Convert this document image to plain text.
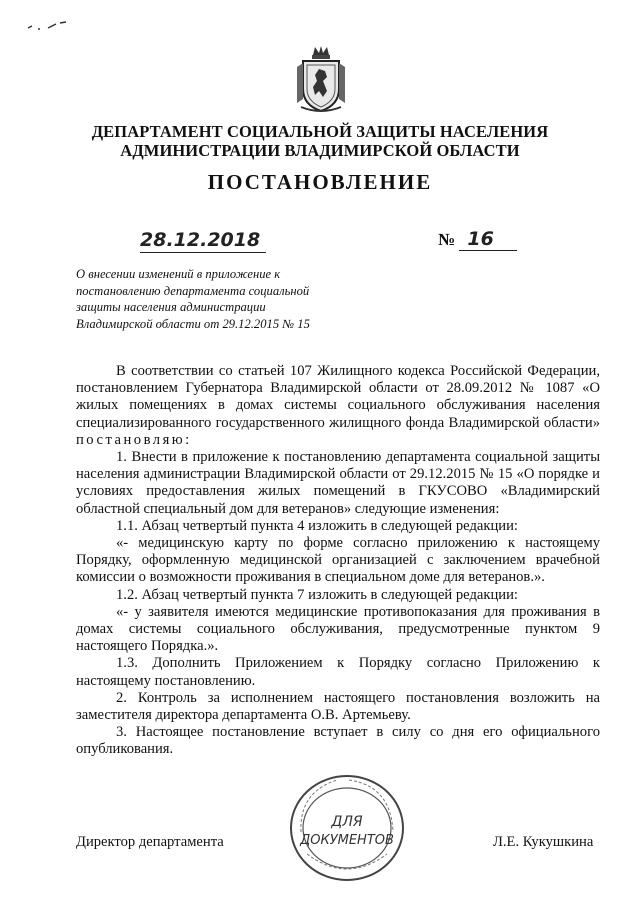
ДЕПАРТАМЕНТ СОЦИАЛЬНОЙ ЗАЩИТЫ НАСЕЛЕНИЯ
АДМИНИСТРАЦИИ ВЛАДИМИРСКОЙ ОБЛАСТИ
ПОСТАНОВЛЕНИЕ
28.12.2018	№ 16
О внесении изменений в приложение к
постановлению департамента социальной
защиты населения администрации
Владимирской области от 29.12.2015 № 15

В соответствии со статьей 107 Жилищного кодекса Российской Федерации, постановлением Губернатора Владимирской области от 28.09.2012 № 1087 «О жилых помещениях в домах системы социального обслуживания населения специализированного государственного жилищного фонда Владимирской области» постановляю:

1. Внести в приложение к постановлению департамента социальной защиты населения администрации Владимирской области от 29.12.2015 № 15 «О порядке и условиях предоставления жилых помещений в ГКУСОВО «Владимирский областной специальный дом для ветеранов» следующие изменения:

1.1. Абзац четвертый пункта 4 изложить в следующей редакции:

«- медицинскую карту по форме согласно приложению к настоящему Порядку, оформленную медицинской организацией с заключением врачебной комиссии о возможности проживания в специальном доме для ветеранов.».

1.2. Абзац четвертый пункта 7 изложить в следующей редакции:

«- у заявителя имеются медицинские противопоказания для проживания в домах системы социального обслуживания, предусмотренные пунктом 9 настоящего Порядка.».

1.3. Дополнить Приложением к Порядку согласно Приложению к настоящему постановлению.

2. Контроль за исполнением настоящего постановления возложить на заместителя директора департамента О.В. Артемьеву.

3. Настоящее постановление вступает в силу со дня его официального опубликования.

ДЛЯ
ДОКУМЕНТОВ
Директор департамента	Л.Е. Кукушкина
